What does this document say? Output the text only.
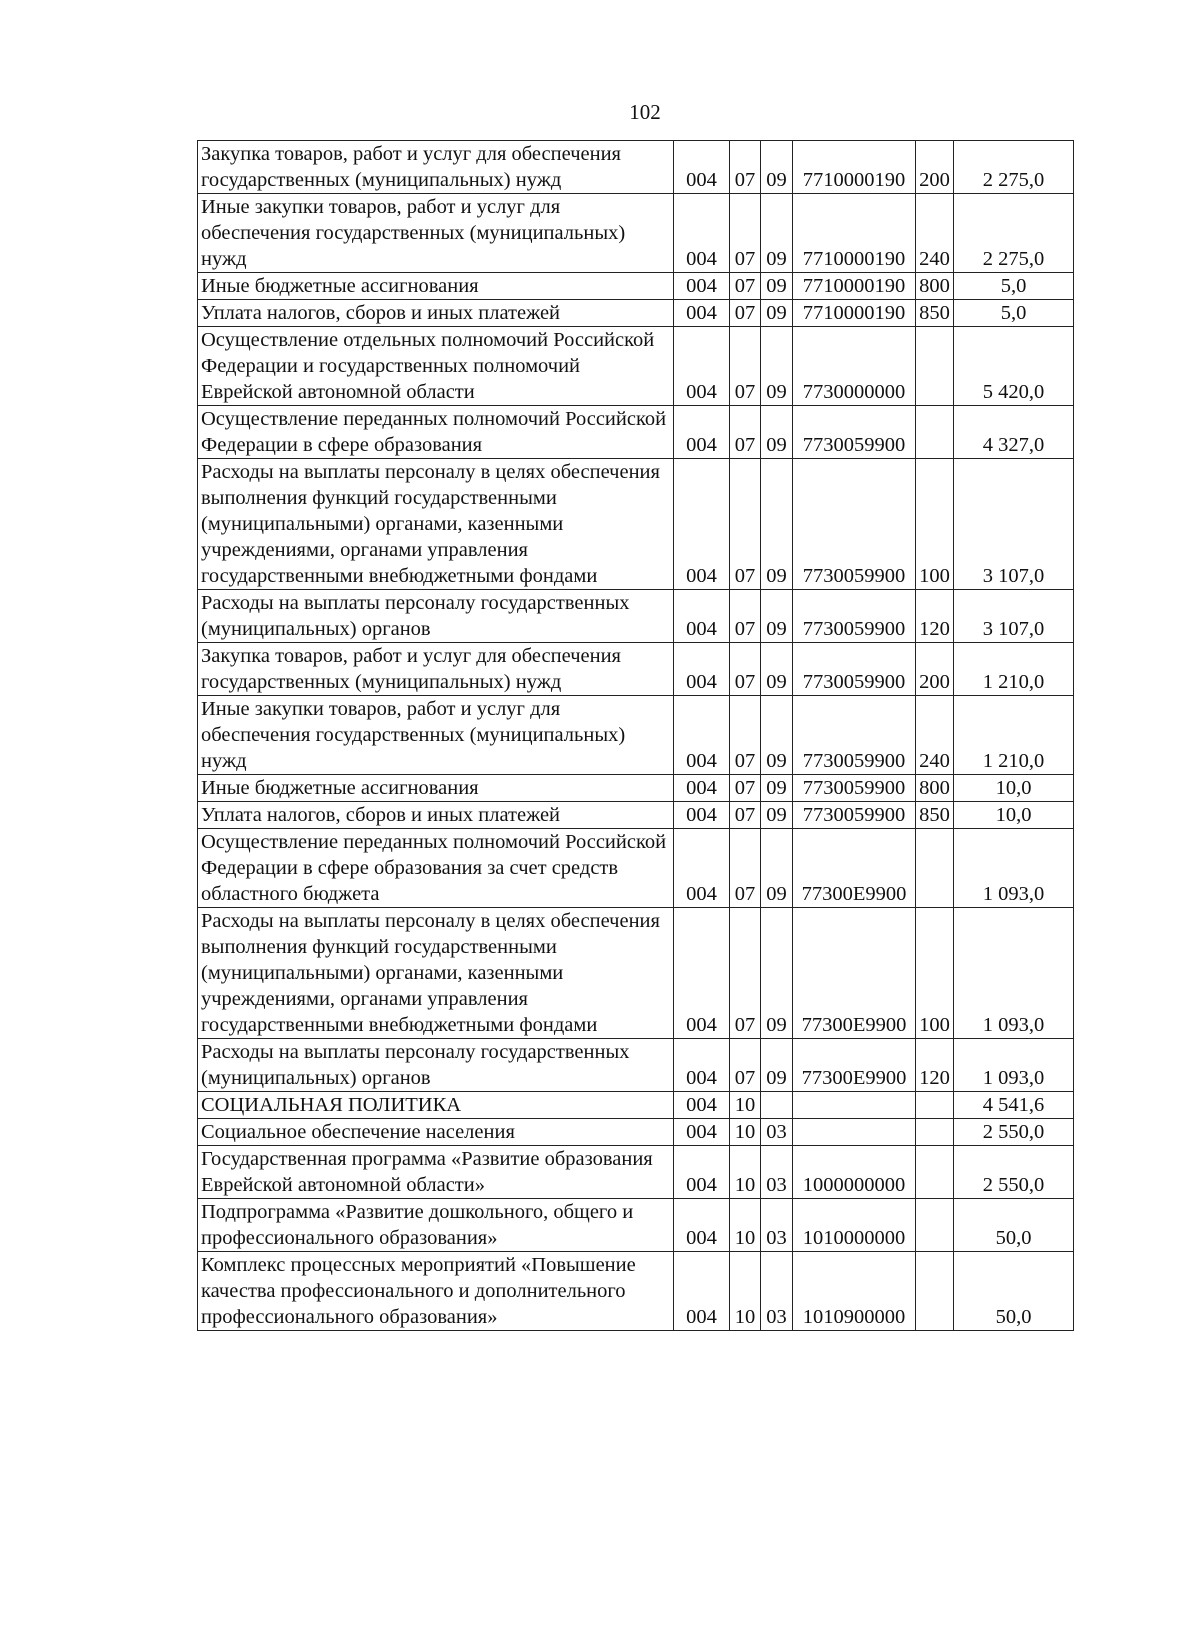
102
Закупка товаров, работ и услуг для обеспечения государственных (муниципальных) нужд	004	07	09	7710000190	200	2 275,0
Иные закупки товаров, работ и услуг для обеспечения государственных (муниципальных) нужд	004	07	09	7710000190	240	2 275,0
Иные бюджетные ассигнования	004	07	09	7710000190	800	5,0
Уплата налогов, сборов и иных платежей	004	07	09	7710000190	850	5,0
Осуществление отдельных полномочий Российской Федерации и государственных полномочий Еврейской автономной области	004	07	09	7730000000		5 420,0
Осуществление переданных полномочий Российской Федерации в сфере образования	004	07	09	7730059900		4 327,0
Расходы на выплаты персоналу в целях обеспечения выполнения функций государственными (муниципальными) органами, казенными учреждениями, органами управления государственными внебюджетными фондами	004	07	09	7730059900	100	3 107,0
Расходы на выплаты персоналу государственных (муниципальных) органов	004	07	09	7730059900	120	3 107,0
Закупка товаров, работ и услуг для обеспечения государственных (муниципальных) нужд	004	07	09	7730059900	200	1 210,0
Иные закупки товаров, работ и услуг для обеспечения государственных (муниципальных) нужд	004	07	09	7730059900	240	1 210,0
Иные бюджетные ассигнования	004	07	09	7730059900	800	10,0
Уплата налогов, сборов и иных платежей	004	07	09	7730059900	850	10,0
Осуществление переданных полномочий Российской Федерации в сфере образования за счет средств областного бюджета	004	07	09	77300Е9900		1 093,0
Расходы на выплаты персоналу в целях обеспечения выполнения функций государственными (муниципальными) органами, казенными учреждениями, органами управления государственными внебюджетными фондами	004	07	09	77300Е9900	100	1 093,0
Расходы на выплаты персоналу государственных (муниципальных) органов	004	07	09	77300Е9900	120	1 093,0
СОЦИАЛЬНАЯ ПОЛИТИКА	004	10				4 541,6
Социальное обеспечение населения	004	10	03			2 550,0
Государственная программа «Развитие образования Еврейской автономной области»	004	10	03	1000000000		2 550,0
Подпрограмма «Развитие дошкольного, общего и профессионального образования»	004	10	03	1010000000		50,0
Комплекс процессных мероприятий «Повышение качества профессионального и дополнительного профессионального образования»	004	10	03	1010900000		50,0
